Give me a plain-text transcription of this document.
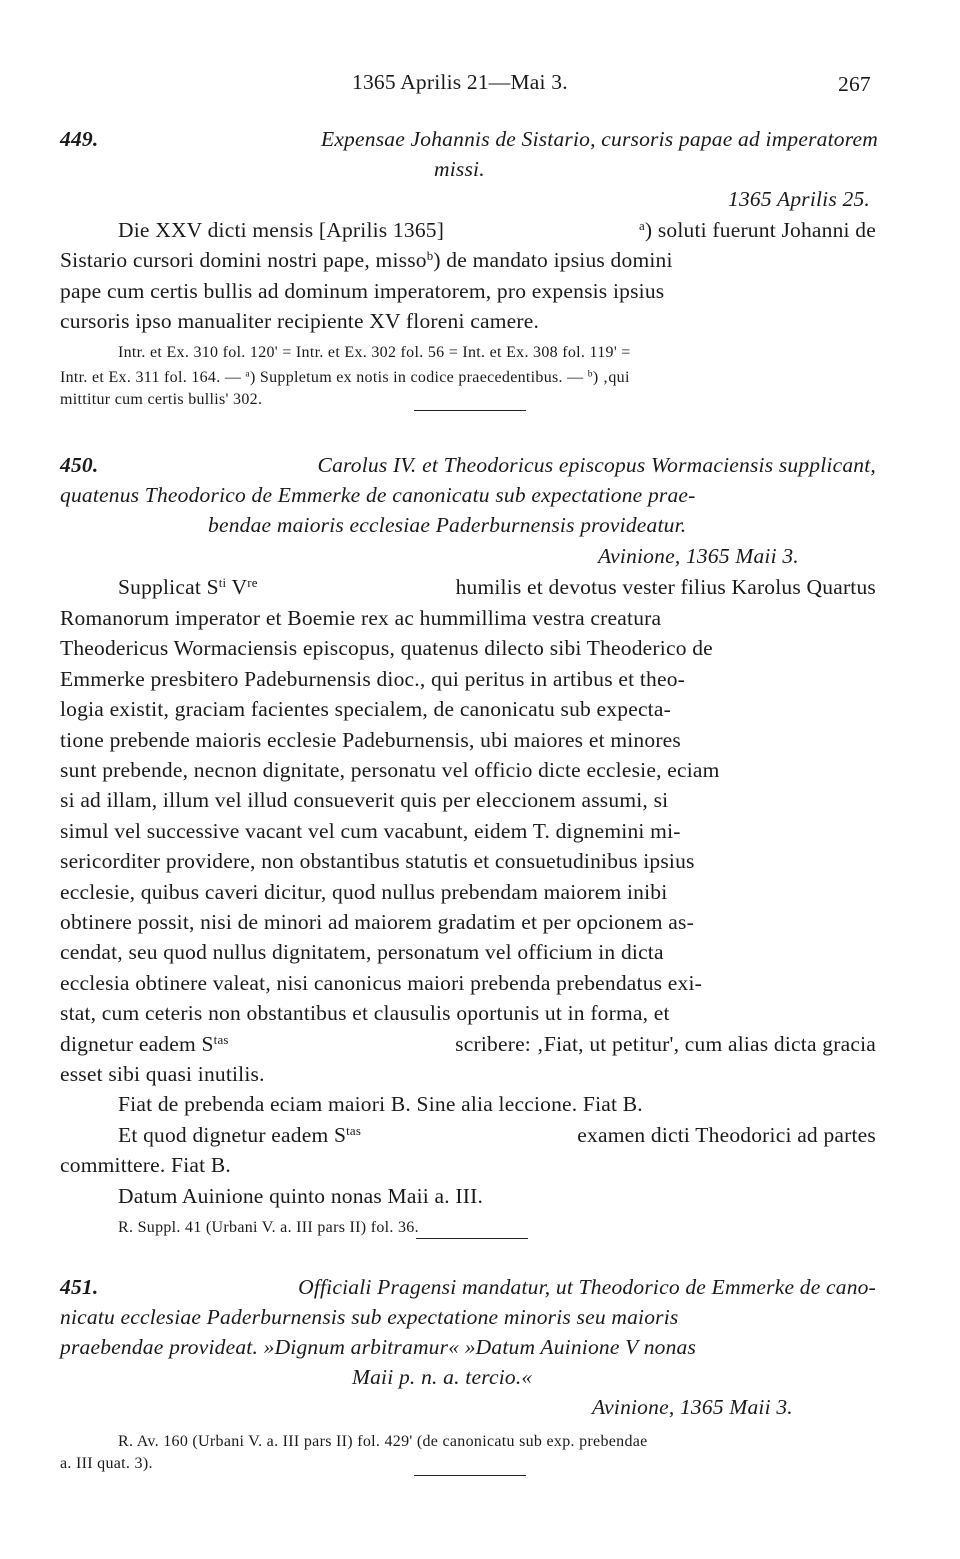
1365 Aprilis 21—Mai 3.	267
449.	Expensae Johannis de Sistario, cursoris papae ad imperatorem
missi.
1365 Aprilis 25.
Die XXV dicti mensis [Aprilis 1365]	$^a$) soluti fuerunt Johanni de
Sistario cursori domini nostri pape, misso$^b$) de mandato ipsius domini
pape cum certis bullis ad dominum imperatorem, pro expensis ipsius
cursoris ipso manualiter recipiente XV floreni camere.
Intr. et Ex. 310 fol. 120' = Intr. et Ex. 302 fol. 56 = Int. et Ex. 308 fol. 119' =
Intr. et Ex. 311 fol. 164. — $^a$) Suppletum ex notis in codice praecedentibus. — $^b$) ‚qui
mittitur cum certis bullis' 302.
450.	Carolus IV. et Theodoricus episcopus Wormaciensis supplicant,
quatenus Theodorico de Emmerke de canonicatu sub expectatione prae-
bendae maioris ecclesiae Paderburnensis provideatur.
Avinione, 1365 Maii 3.
Supplicat $S^{ti}$ Vre	humilis et devotus vester filius Karolus Quartus
Romanorum imperator et Boemie rex ac hummillima vestra creatura
Theodericus Wormaciensis episcopus, quatenus dilecto sibi Theoderico de
Emmerke presbitero Padeburnensis dioc., qui peritus in artibus et theo-
logia existit, graciam facientes specialem, de canonicatu sub expecta-
tione prebende maioris ecclesie Padeburnensis, ubi maiores et minores
sunt prebende, necnon dignitate, personatu vel officio dicte ecclesie, eciam
si ad illam, illum vel illud consueverit quis per eleccionem assumi, si
simul vel successive vacant vel cum vacabunt, eidem T. dignemini mi-
sericorditer providere, non obstantibus statutis et consuetudinibus ipsius
ecclesie, quibus caveri dicitur, quod nullus prebendam maiorem inibi
obtinere possit, nisi de minori ad maiorem gradatim et per opcionem as-
cendat, seu quod nullus dignitatem, personatum vel officium in dicta
ecclesia obtinere valeat, nisi canonicus maiori prebenda prebendatus exi-
stat, cum ceteris non obstantibus et clausulis oportunis ut in forma, et
dignetur eadem $S^{tas}$	scribere: ‚Fiat, ut petitur', cum alias dicta gracia
esset sibi quasi inutilis.
Fiat de prebenda eciam maiori B. Sine alia leccione. Fiat B.
Et quod dignetur eadem $S^{tas}$	examen dicti Theodorici ad partes
committere. Fiat B.
Datum Auinione quinto nonas Maii a. III.
R. Suppl. 41 (Urbani V. a. III pars II) fol. 36.
451.	Officiali Pragensi mandatur, ut Theodorico de Emmerke de cano-
nicatu ecclesiae Paderburnensis sub expectatione minoris seu maioris
praebendae provideat. »Dignum arbitramur« »Datum Auinione V nonas
Maii p. n. a. tercio.«
Avinione, 1365 Maii 3.
R. Av. 160 (Urbani V. a. III pars II) fol. 429' (de canonicatu sub exp. prebendae
a. III quat. 3).
